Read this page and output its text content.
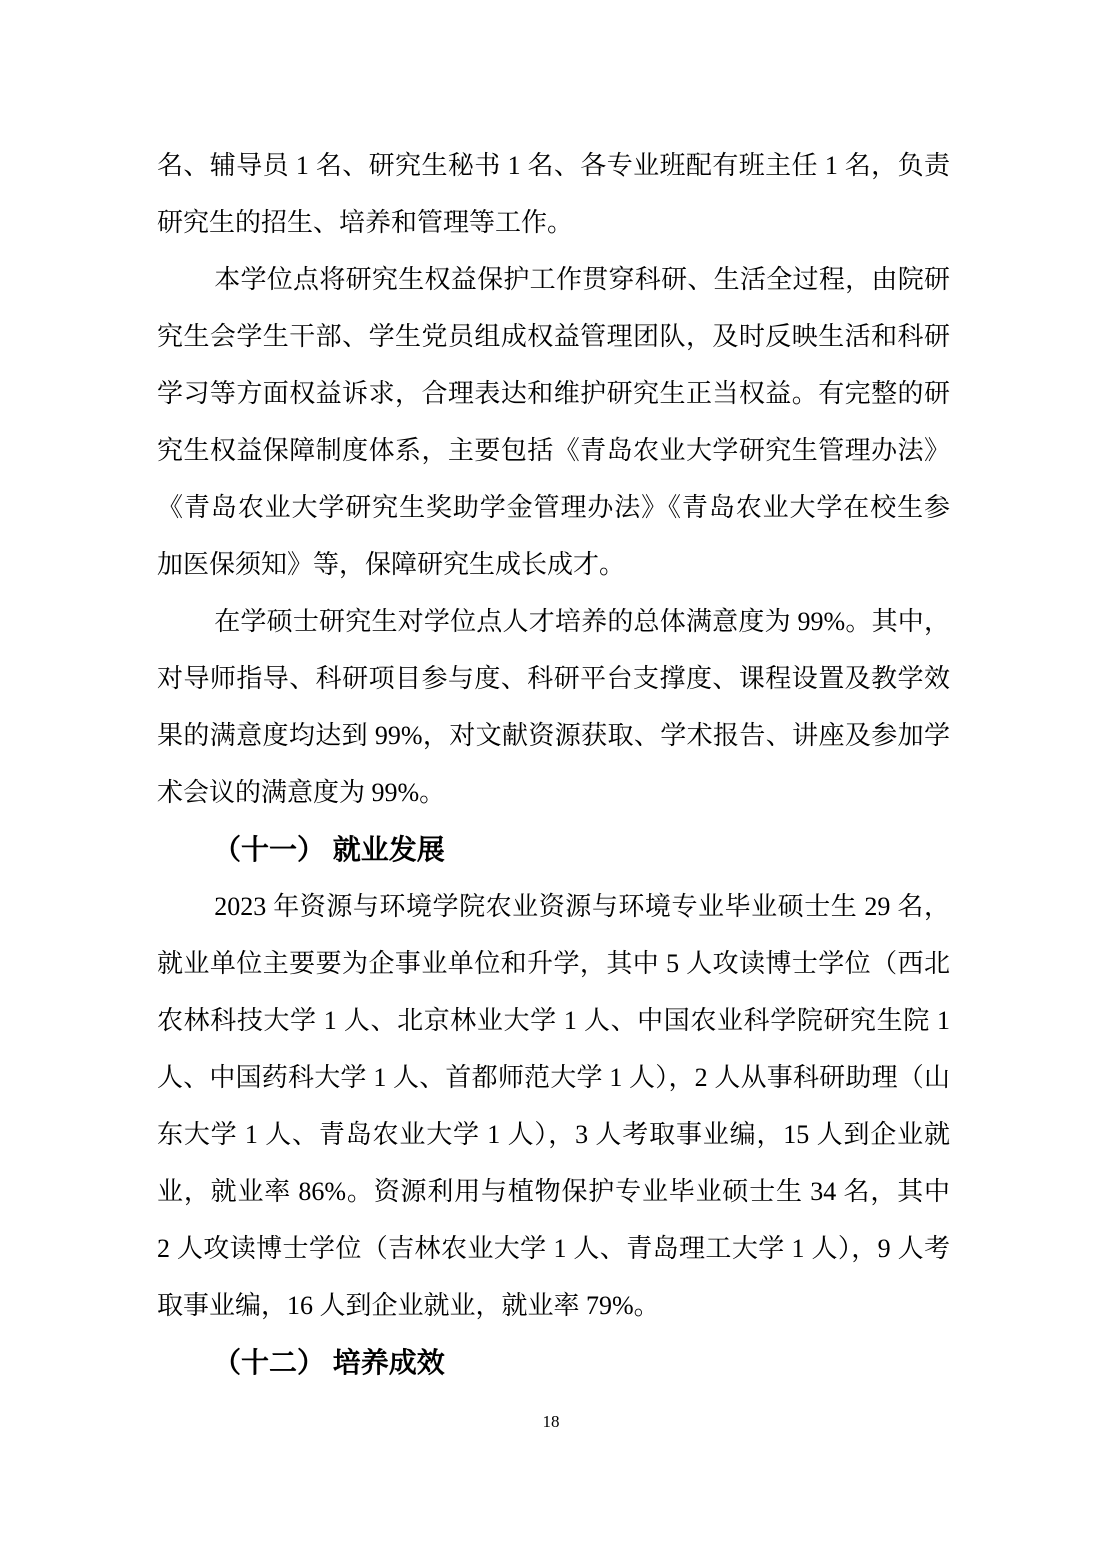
名、辅导员 1 名、研究生秘书 1 名、各专业班配有班主任 1 名，负责
研究生的招生、培养和管理等工作。
本学位点将研究生权益保护工作贯穿科研、生活全过程，由院研
究生会学生干部、学生党员组成权益管理团队，及时反映生活和科研
学习等方面权益诉求，合理表达和维护研究生正当权益。有完整的研
究生权益保障制度体系，主要包括《青岛农业大学研究生管理办法》
《青岛农业大学研究生奖助学金管理办法》《青岛农业大学在校生参
加医保须知》等，保障研究生成长成才。
在学硕士研究生对学位点人才培养的总体满意度为 99%。其中，
对导师指导、科研项目参与度、科研平台支撑度、课程设置及教学效
果的满意度均达到 99%，对文献资源获取、学术报告、讲座及参加学
术会议的满意度为 99%。
（十一） 就业发展
2023 年资源与环境学院农业资源与环境专业毕业硕士生 29 名，
就业单位主要要为企事业单位和升学，其中 5 人攻读博士学位（西北
农林科技大学 1 人、北京林业大学 1 人、中国农业科学院研究生院 1
人、中国药科大学 1 人、首都师范大学 1 人），2 人从事科研助理（山
东大学 1 人、青岛农业大学 1 人），3 人考取事业编，15 人到企业就
业，就业率 86%。资源利用与植物保护专业毕业硕士生 34 名，其中
2 人攻读博士学位（吉林农业大学 1 人、青岛理工大学 1 人），9 人考
取事业编，16 人到企业就业，就业率 79%。
（十二） 培养成效
18
